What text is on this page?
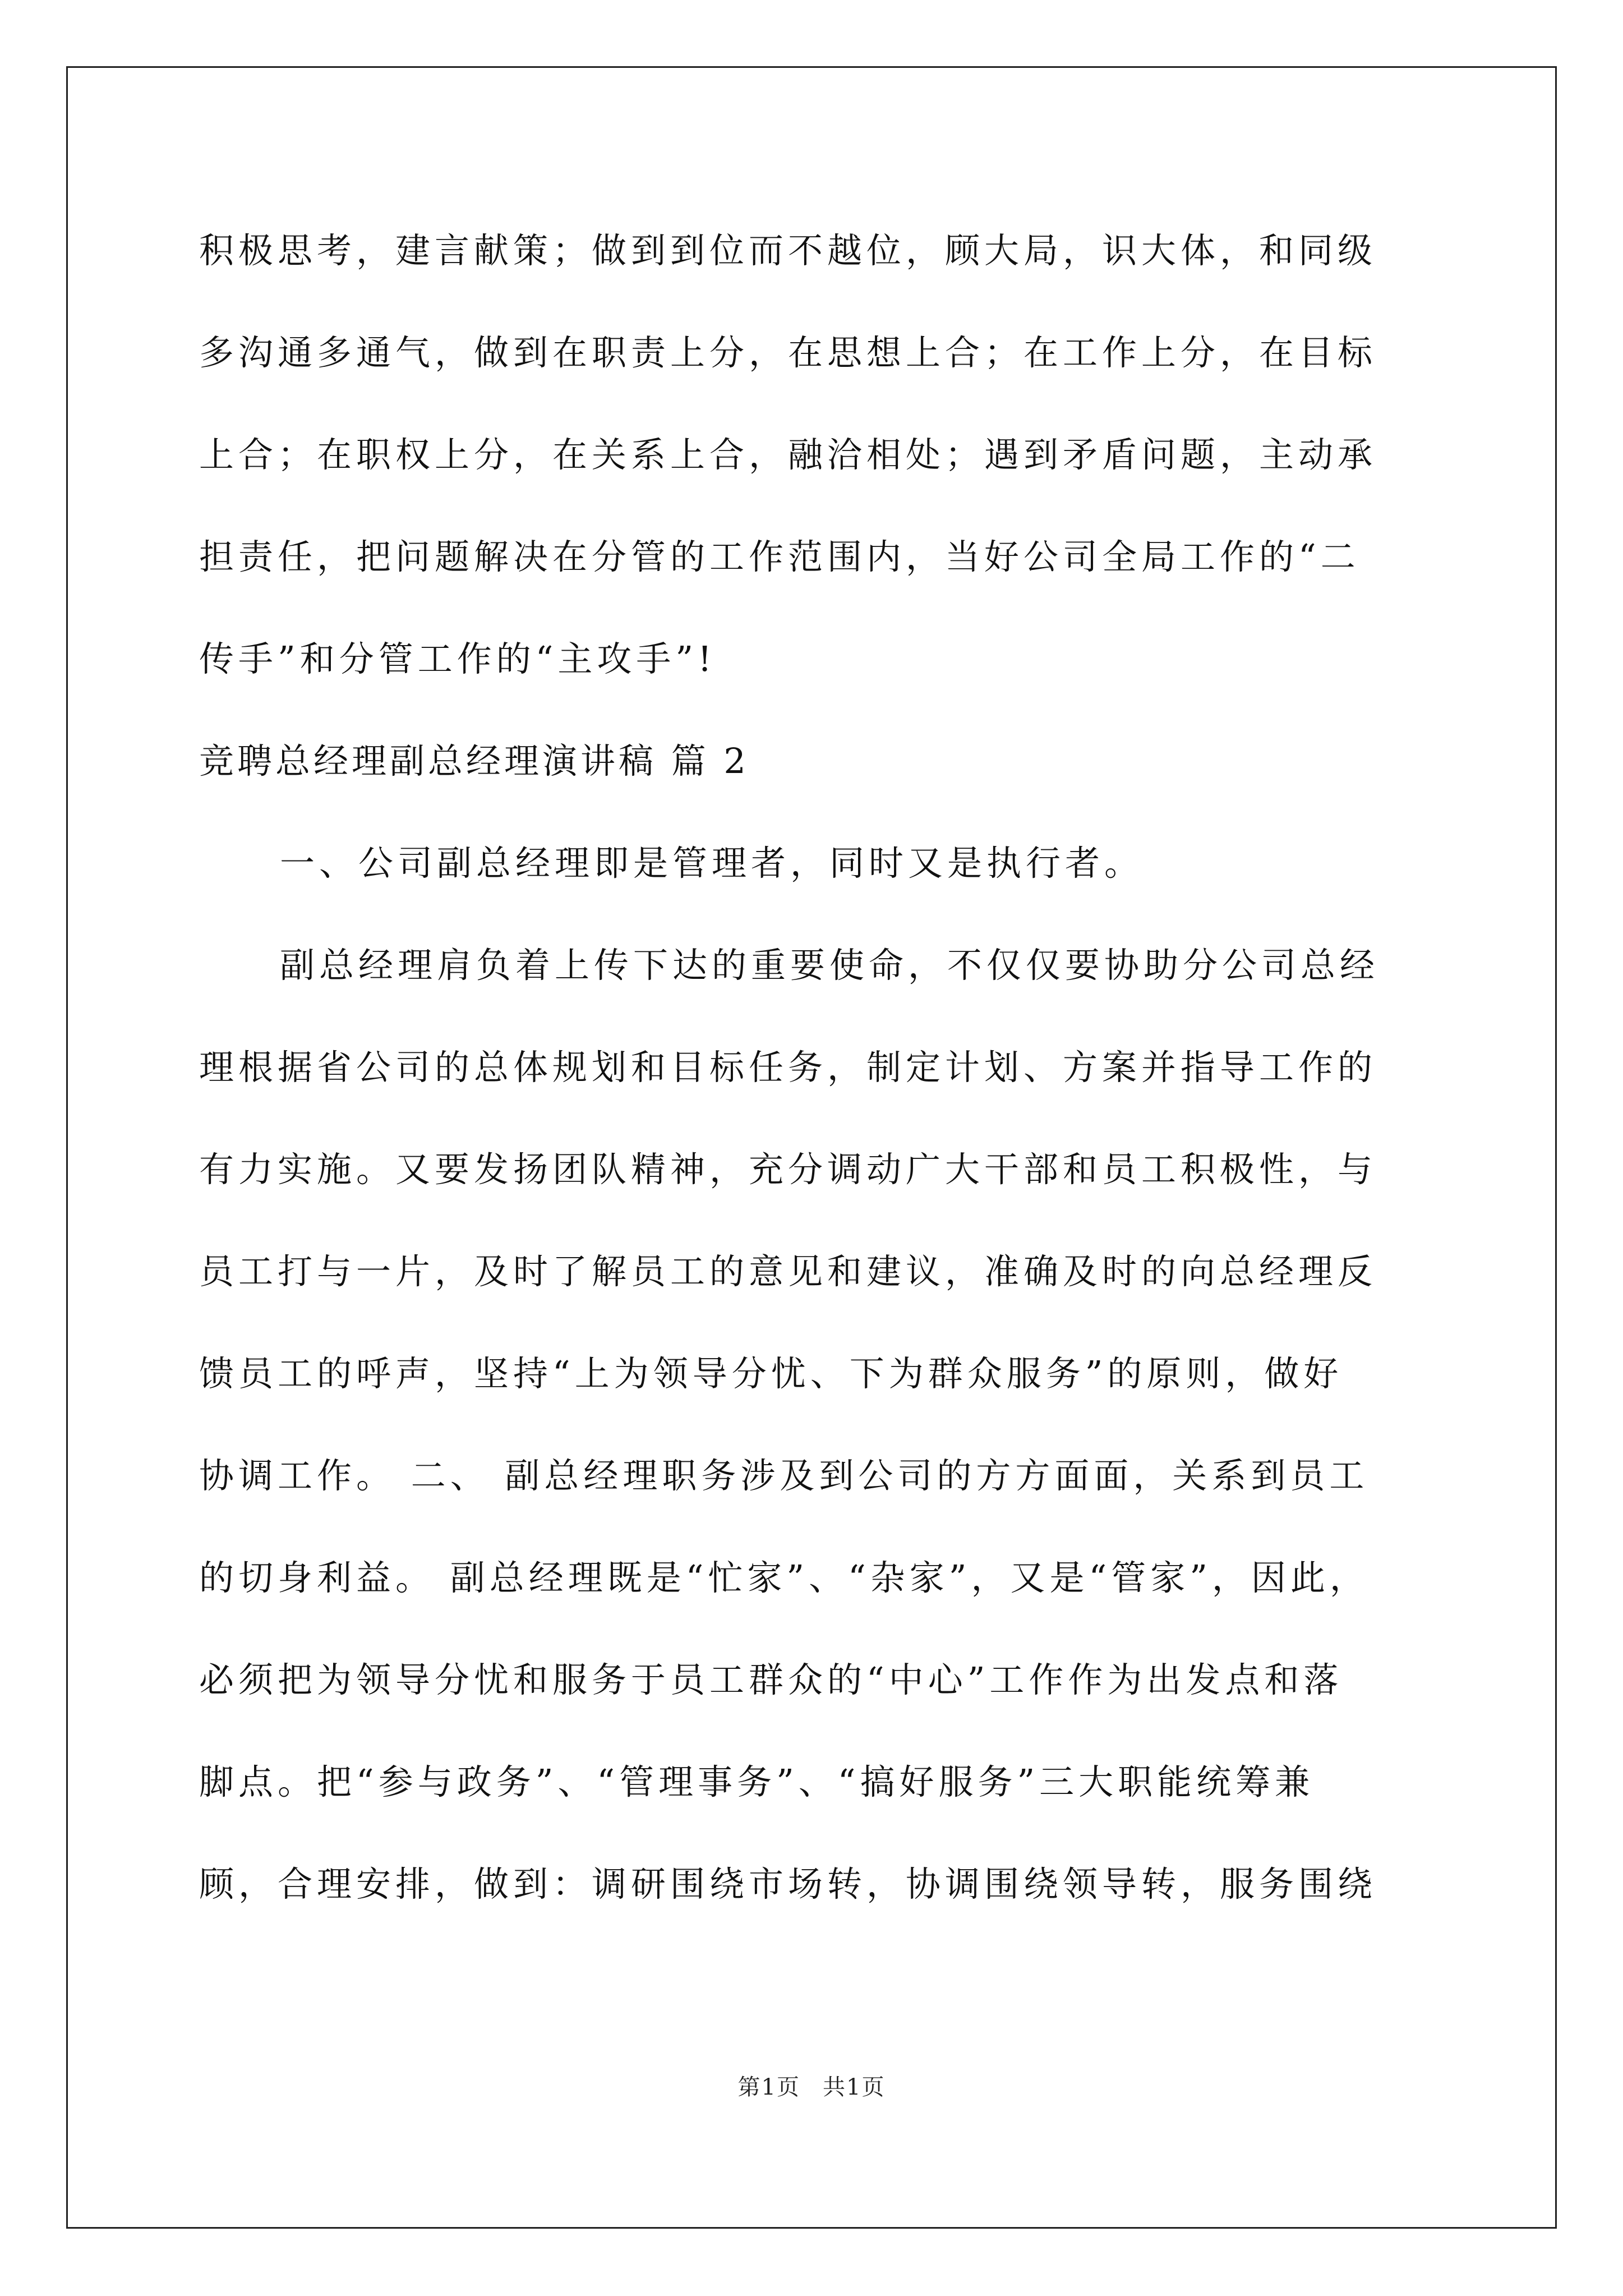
积极思考，建言献策；做到到位而不越位，顾大局，识大体，和同级
多沟通多通气，做到在职责上分，在思想上合；在工作上分，在目标
上合；在职权上分，在关系上合，融洽相处；遇到矛盾问题，主动承
担责任，把问题解决在分管的工作范围内，当好公司全局工作的“二
传手”和分管工作的“主攻手”!
竞聘总经理副总经理演讲稿 篇 2
一、公司副总经理即是管理者，同时又是执行者。
副总经理肩负着上传下达的重要使命，不仅仅要协助分公司总经
理根据省公司的总体规划和目标任务，制定计划、方案并指导工作的
有力实施。又要发扬团队精神，充分调动广大干部和员工积极性，与
员工打与一片，及时了解员工的意见和建议，准确及时的向总经理反
馈员工的呼声，坚持“上为领导分忧、下为群众服务”的原则，做好
协调工作。 二、 副总经理职务涉及到公司的方方面面，关系到员工
的切身利益。 副总经理既是“忙家”、“杂家”，又是“管家”，因此，
必须把为领导分忧和服务于员工群众的“中心”工作作为出发点和落
脚点。把“参与政务”、“管理事务”、“搞好服务”三大职能统筹兼
顾，合理安排，做到：调研围绕市场转，协调围绕领导转，服务围绕
第1页 共1页
